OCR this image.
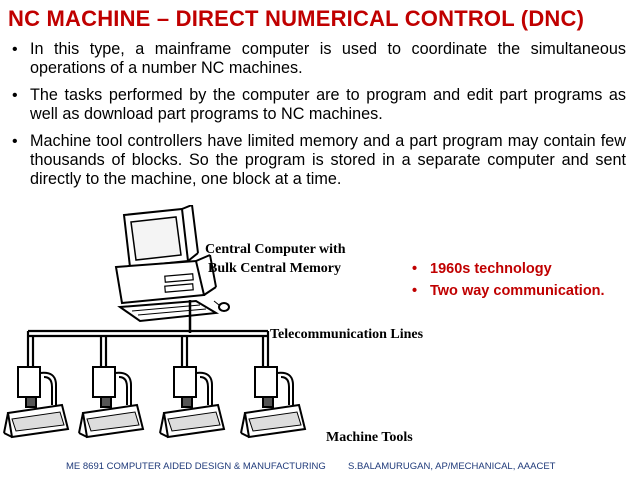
NC MACHINE – DIRECT NUMERICAL CONTROL (DNC)
• In this type, a mainframe computer is used to coordinate the simultaneous operations of a number NC machines.
• The tasks performed by the computer are to program and edit part programs as well as download part programs to NC machines.
• Machine tool controllers have limited memory and a part program may contain few thousands of blocks. So the program is stored in a separate computer and sent directly to the machine, one block at a time.
Central Computer with
Bulk Central Memory
Telecommunication Lines
Machine Tools
• 1960s technology
• Two way communication.
ME 8691 COMPUTER AIDED DESIGN & MANUFACTURING S.BALAMURUGAN, AP/MECHANICAL, AAACET
